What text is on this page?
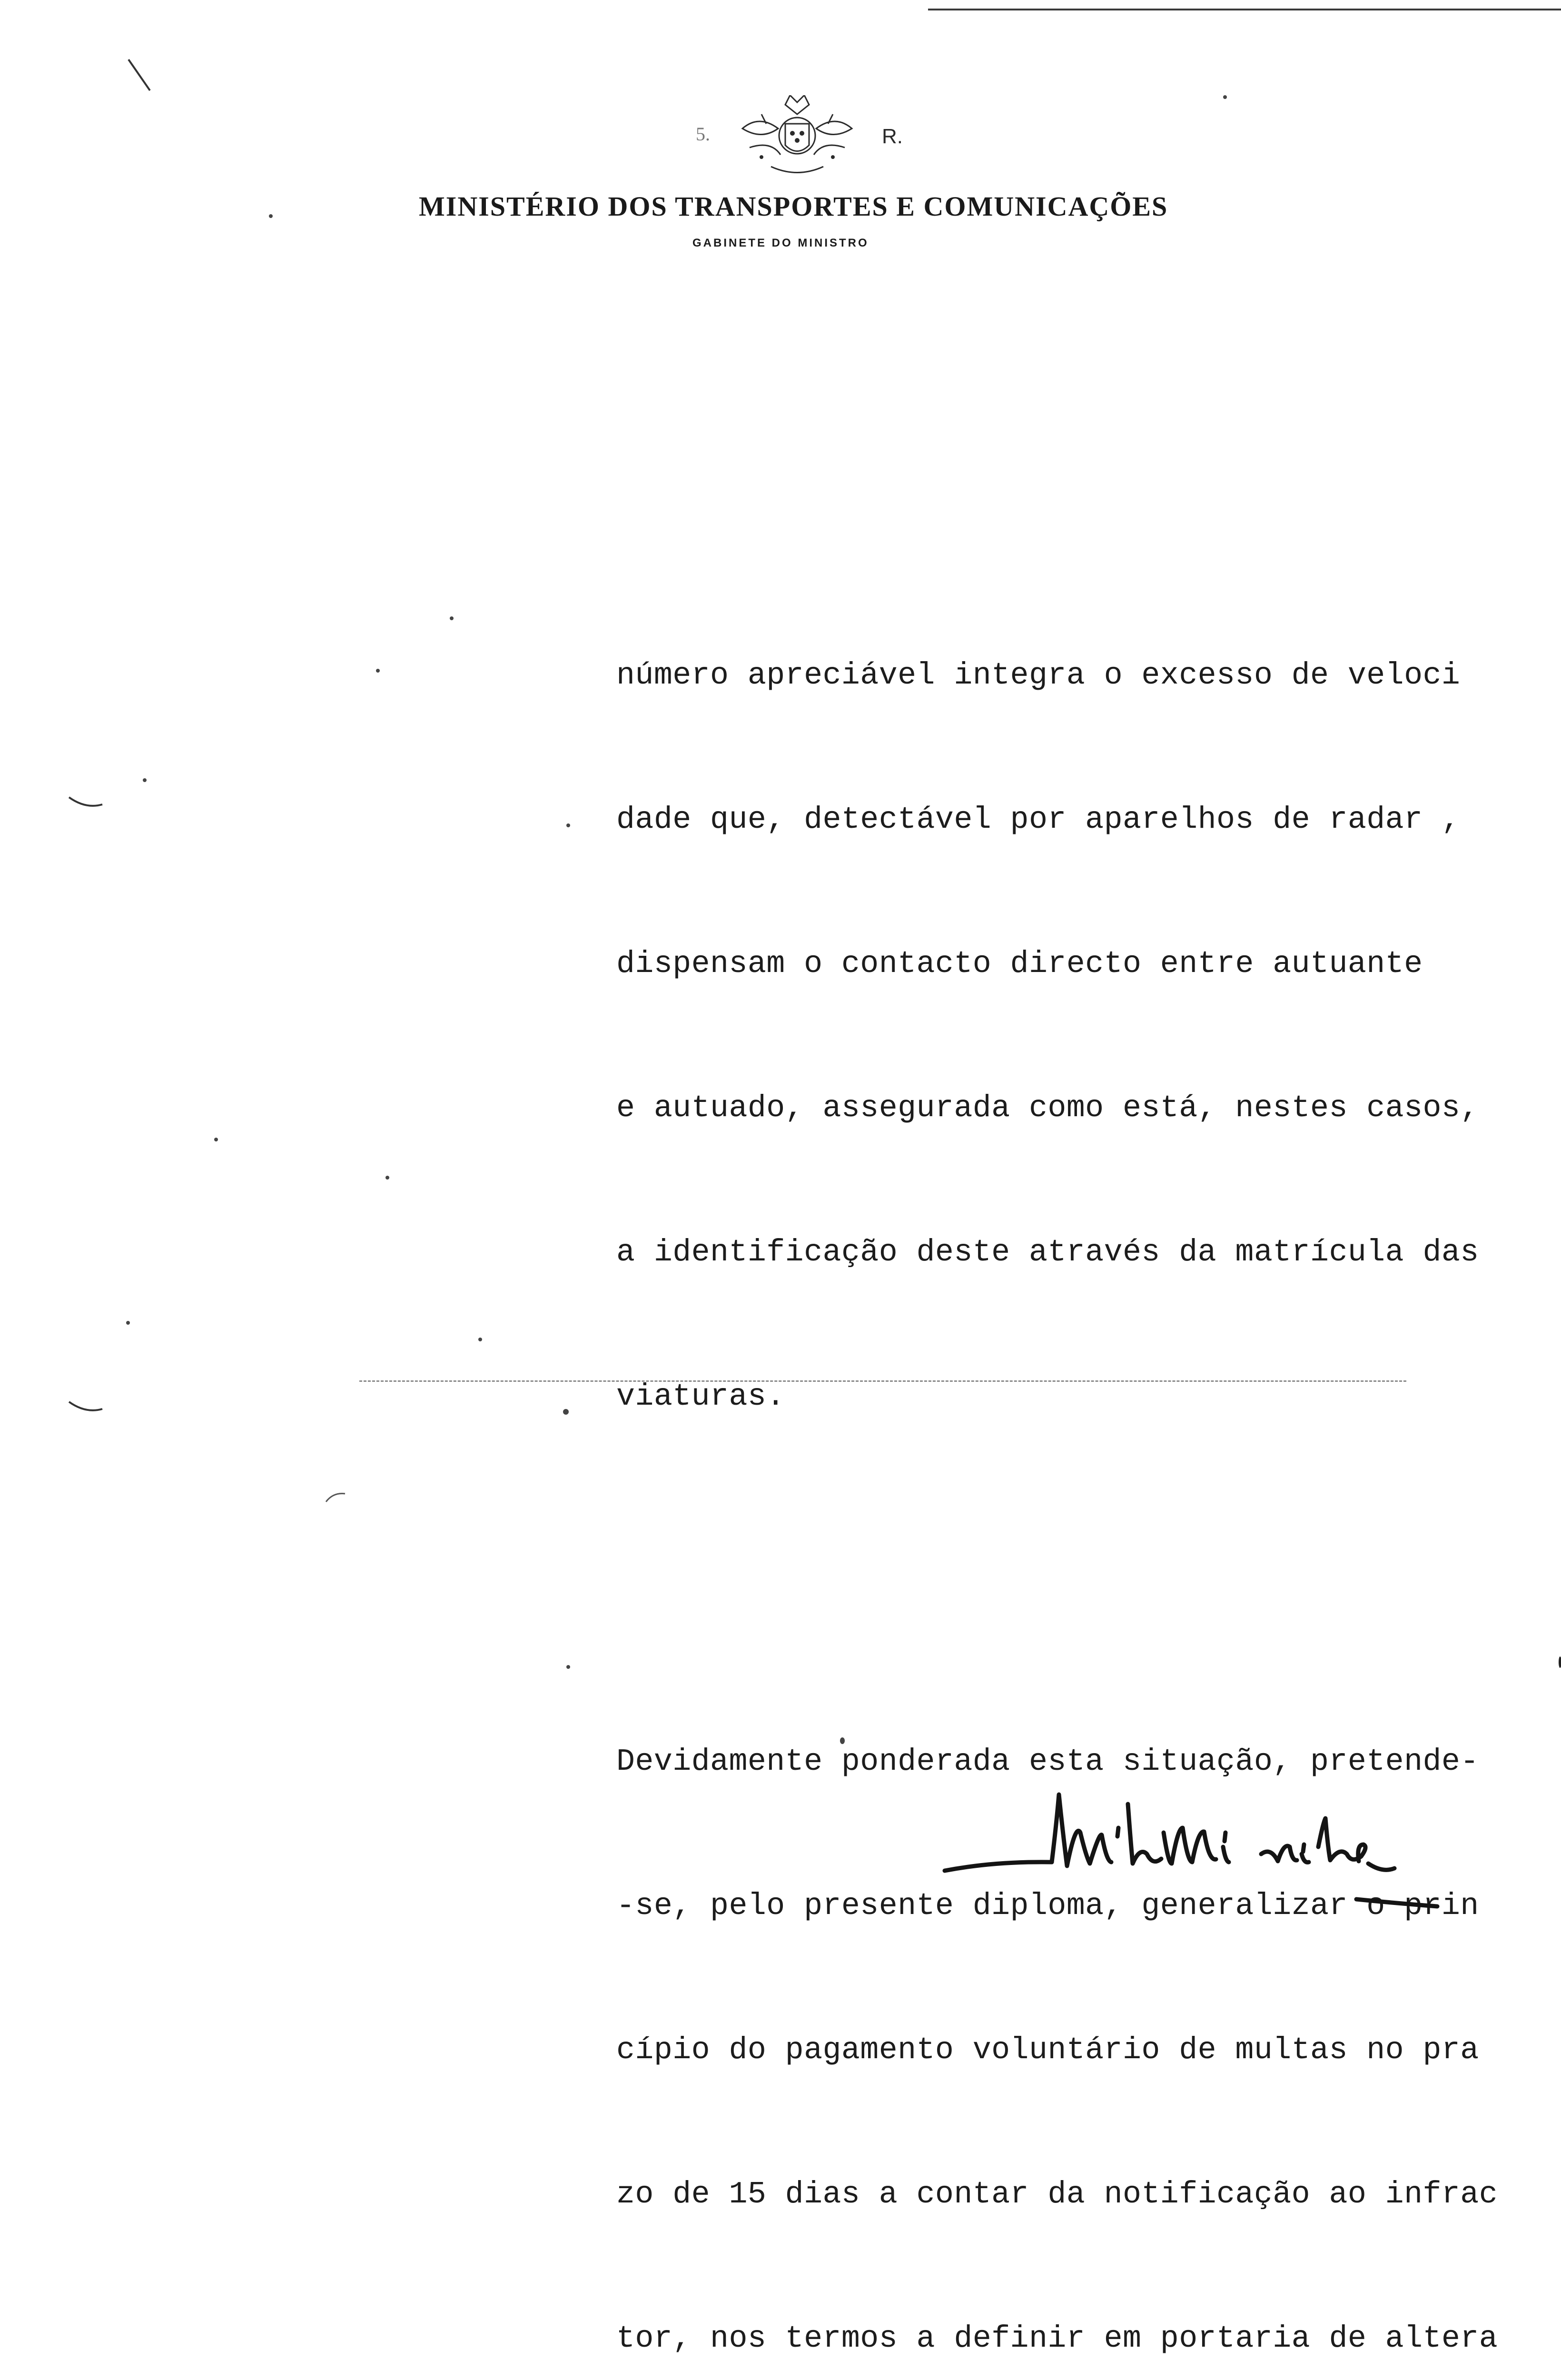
5.	R.
MINISTÉRIO DOS TRANSPORTES E COMUNICAÇÕES
GABINETE DO MINISTRO

número apreciável integra o excesso de veloci

dade que, detectável por aparelhos de radar ,

dispensam o contacto directo entre autuante

e autuado, assegurada como está, nestes casos,

a identificação deste através da matrícula das

viaturas.

Devidamente ponderada esta situação, pretende-

-se, pelo presente diploma, generalizar o prin

cípio do pagamento voluntário de multas no pra

zo de 15 dias a contar da notificação ao infrac

tor, nos termos a definir em portaria de altera
